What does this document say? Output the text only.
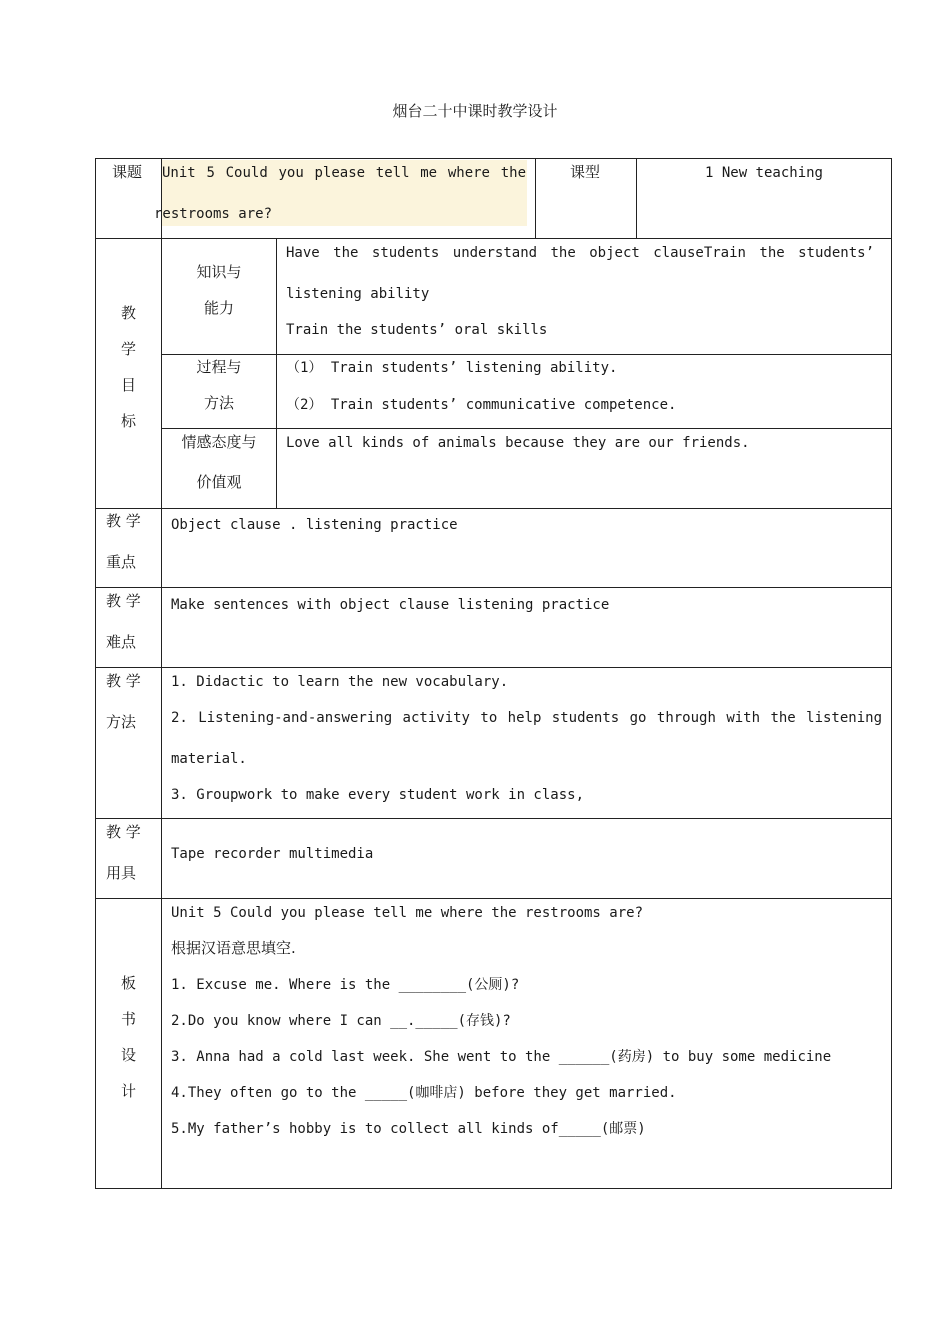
烟台二十中课时教学设计
课题 Unit 5 Could you please tell me where the
restrooms are?
课型	1 New teaching
教
学
目
标
知识与
能力
Have the students understand the object clauseTrain the students’
listening ability
Train the students’ oral skills
过程与
方法
（1） Train students’ listening ability.
（2） Train students’ communicative competence.
情感态度与
价值观
Love all kinds of animals because they are our friends.
教 学
重点
Object clause . listening practice
教 学
难点
Make sentences with object clause listening practice
教 学
方法
1. Didactic to learn the new vocabulary.
2. Listening-and-answering activity to help students go through with the listening
material.
3. Groupwork to make every student work in class,
教 学
用具
Tape recorder multimedia
板
书
设
计
Unit 5 Could you please tell me where the restrooms are?
根据汉语意思填空.
1. Excuse me. Where is the ________(公厕)?
2.Do you know where I can __._____(存钱)?
3. Anna had a cold last week. She went to the ______(药房) to buy some medicine
4.They often go to the _____(咖啡店) before they get married.
5.My father’s hobby is to collect all kinds of_____(邮票)
